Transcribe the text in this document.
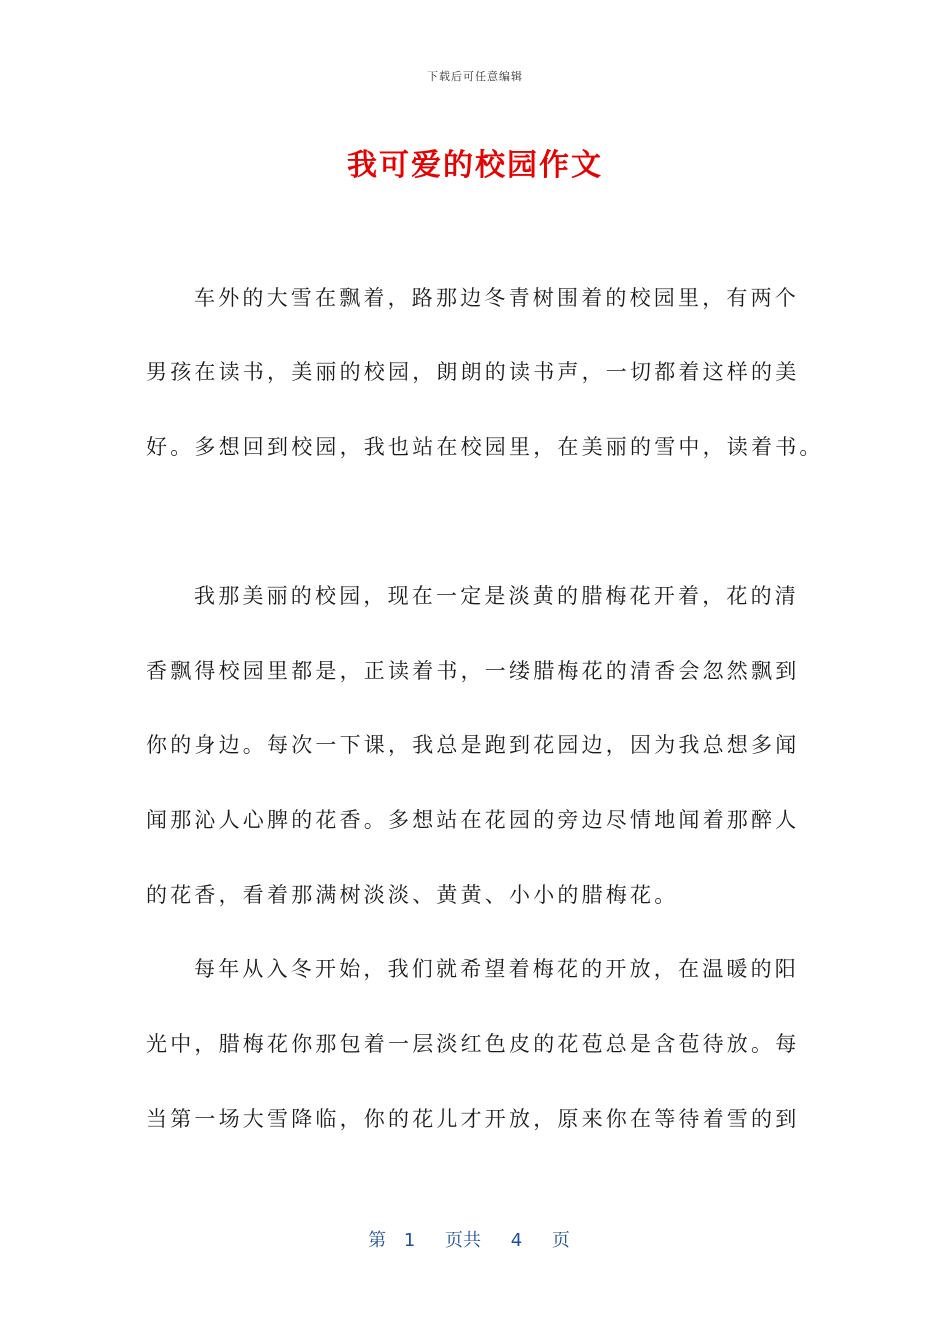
下载后可任意编辑
我可爱的校园作文
车外的大雪在飘着，路那边冬青树围着的校园里，有两个
男孩在读书，美丽的校园，朗朗的读书声，一切都着这样的美
好。多想回到校园，我也站在校园里，在美丽的雪中，读着书。
我那美丽的校园，现在一定是淡黄的腊梅花开着，花的清
香飘得校园里都是，正读着书，一缕腊梅花的清香会忽然飘到
你的身边。每次一下课，我总是跑到花园边，因为我总想多闻
闻那沁人心脾的花香。多想站在花园的旁边尽情地闻着那醉人
的花香，看着那满树淡淡、黄黄、小小的腊梅花。
每年从入冬开始，我们就希望着梅花的开放，在温暖的阳
光中，腊梅花你那包着一层淡红色皮的花苞总是含苞待放。每
当第一场大雪降临，你的花儿才开放，原来你在等待着雪的到
第 1 页共 4 页
